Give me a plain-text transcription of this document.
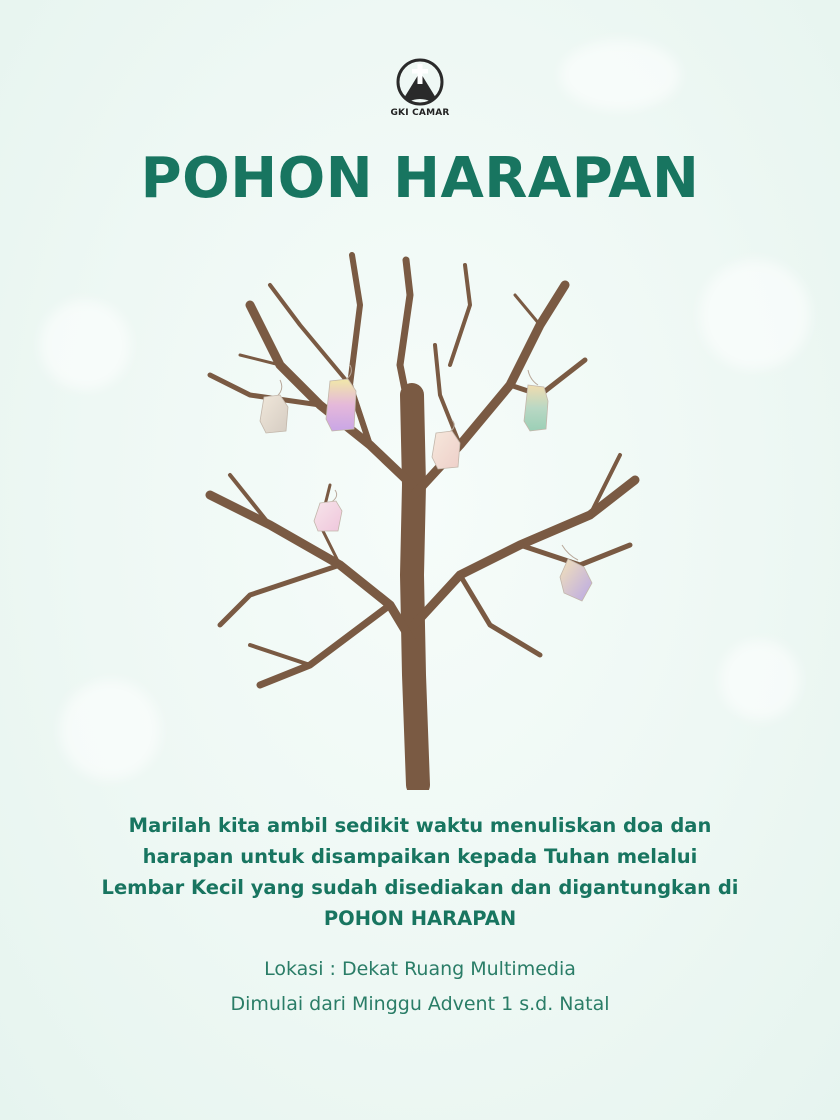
GKI CAMAR
POHON HARAPAN
Marilah kita ambil sedikit waktu menuliskan doa dan
harapan untuk disampaikan kepada Tuhan melalui
Lembar Kecil yang sudah disediakan dan digantungkan di
POHON HARAPAN
Lokasi : Dekat Ruang Multimedia
Dimulai dari Minggu Advent 1 s.d. Natal
